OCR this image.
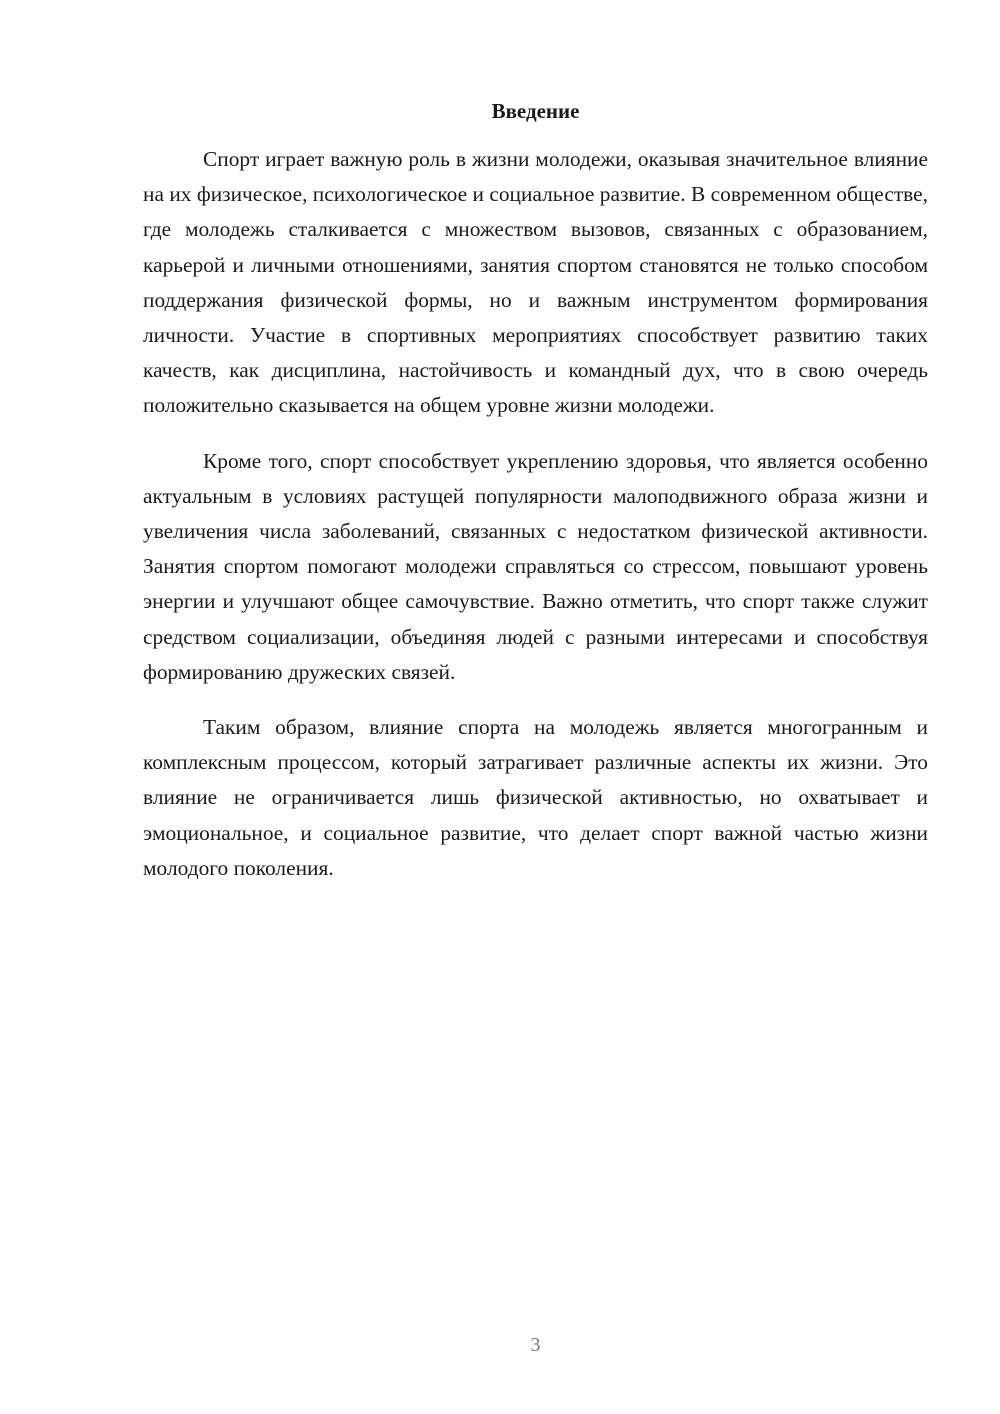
Введение

Спорт играет важную роль в жизни молодежи, оказывая значительное влияние на их физическое, психологическое и социальное развитие. В современном обществе, где молодежь сталкивается с множеством вызовов, связанных с образованием, карьерой и личными отношениями, занятия спортом становятся не только способом поддержания физической формы, но и важным инструментом формирования личности. Участие в спортивных мероприятиях способствует развитию таких качеств, как дисциплина, настойчивость и командный дух, что в свою очередь положительно сказывается на общем уровне жизни молодежи.

Кроме того, спорт способствует укреплению здоровья, что является особенно актуальным в условиях растущей популярности малоподвижного образа жизни и увеличения числа заболеваний, связанных с недостатком физической активности. Занятия спортом помогают молодежи справляться со стрессом, повышают уровень энергии и улучшают общее самочувствие. Важно отметить, что спорт также служит средством социализации, объединяя людей с разными интересами и способствуя формированию дружеских связей.

Таким образом, влияние спорта на молодежь является многогранным и комплексным процессом, который затрагивает различные аспекты их жизни. Это влияние не ограничивается лишь физической активностью, но охватывает и эмоциональное, и социальное развитие, что делает спорт важной частью жизни молодого поколения.

3
